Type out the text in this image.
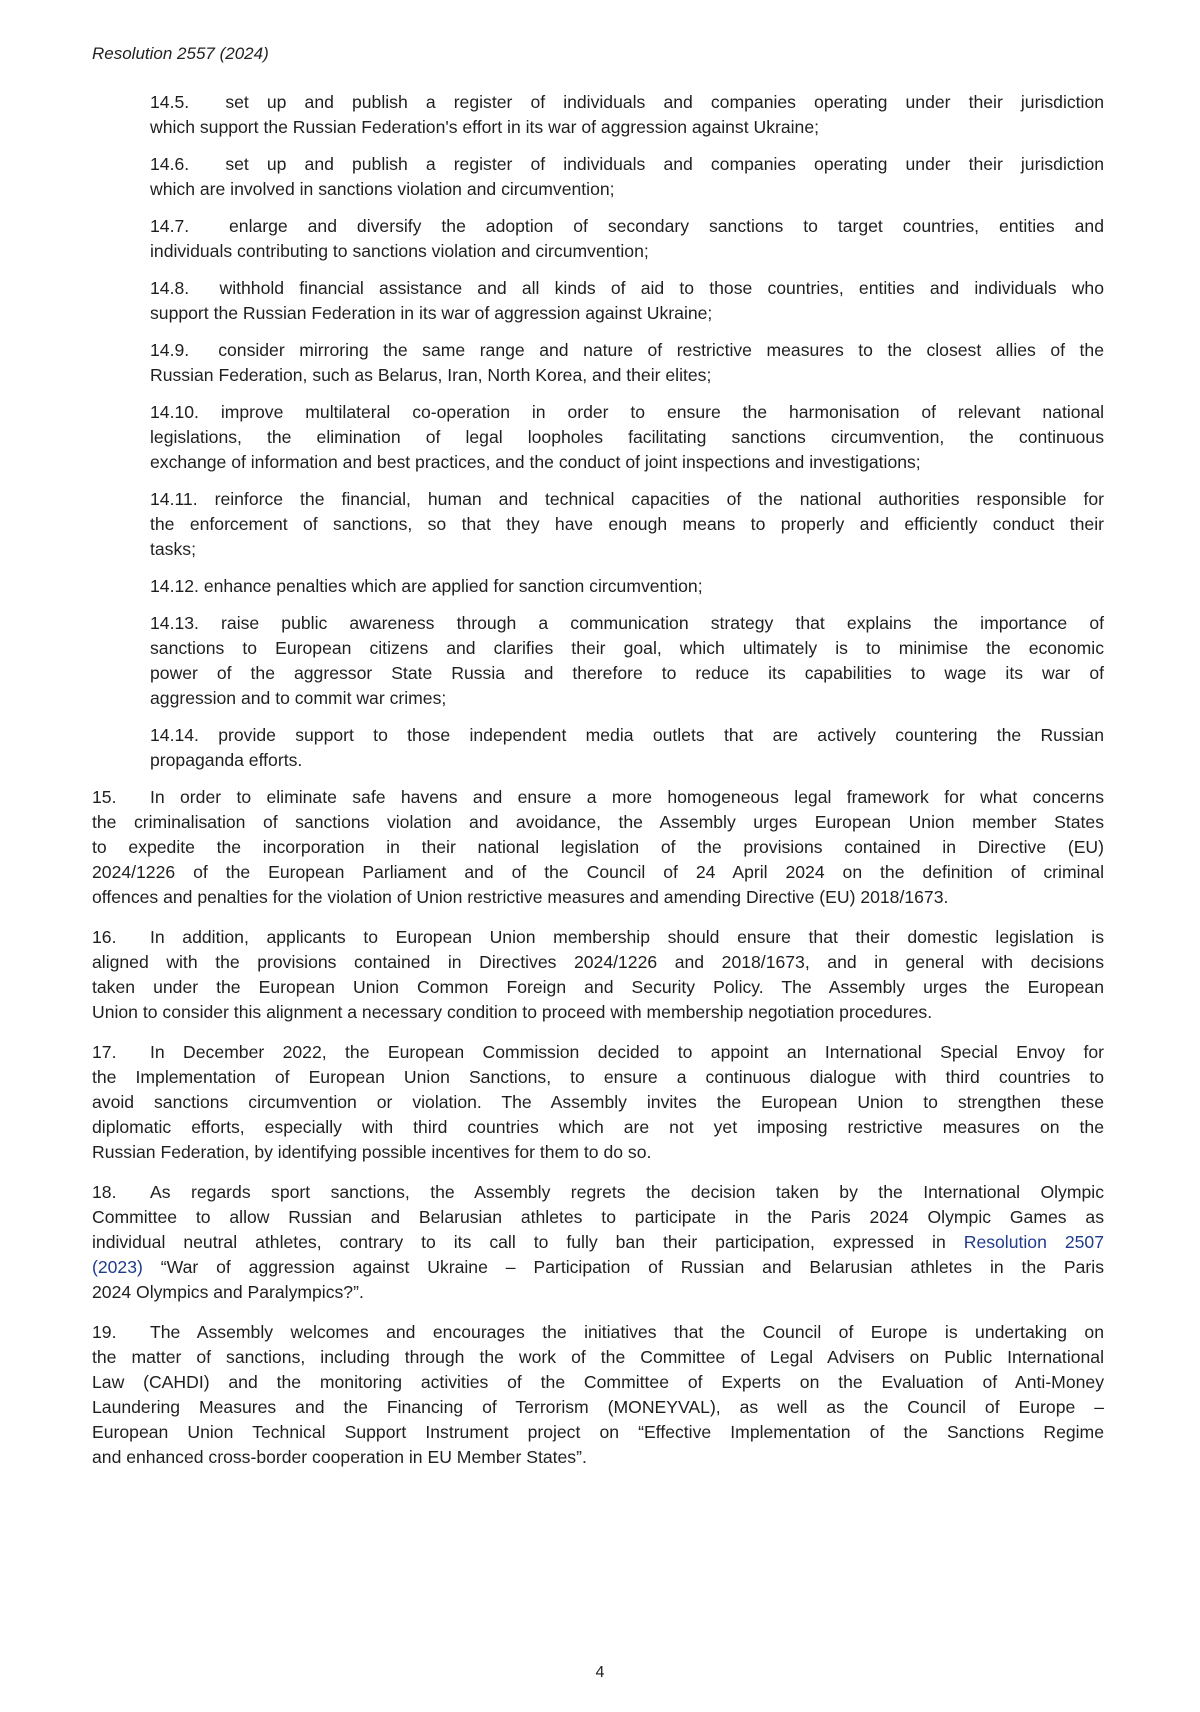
Resolution 2557 (2024)
14.5. set up and publish a register of individuals and companies operating under their jurisdiction
which support the Russian Federation's effort in its war of aggression against Ukraine;
14.6. set up and publish a register of individuals and companies operating under their jurisdiction
which are involved in sanctions violation and circumvention;
14.7. enlarge and diversify the adoption of secondary sanctions to target countries, entities and
individuals contributing to sanctions violation and circumvention;
14.8. withhold financial assistance and all kinds of aid to those countries, entities and individuals who
support the Russian Federation in its war of aggression against Ukraine;
14.9. consider mirroring the same range and nature of restrictive measures to the closest allies of the
Russian Federation, such as Belarus, Iran, North Korea, and their elites;
14.10. improve multilateral co-operation in order to ensure the harmonisation of relevant national
legislations, the elimination of legal loopholes facilitating sanctions circumvention, the continuous
exchange of information and best practices, and the conduct of joint inspections and investigations;
14.11. reinforce the financial, human and technical capacities of the national authorities responsible for
the enforcement of sanctions, so that they have enough means to properly and efficiently conduct their
tasks;
14.12. enhance penalties which are applied for sanction circumvention;
14.13. raise public awareness through a communication strategy that explains the importance of
sanctions to European citizens and clarifies their goal, which ultimately is to minimise the economic
power of the aggressor State Russia and therefore to reduce its capabilities to wage its war of
aggression and to commit war crimes;
14.14. provide support to those independent media outlets that are actively countering the Russian
propaganda efforts.
15. In order to eliminate safe havens and ensure a more homogeneous legal framework for what concerns
the criminalisation of sanctions violation and avoidance, the Assembly urges European Union member States
to expedite the incorporation in their national legislation of the provisions contained in Directive (EU)
2024/1226 of the European Parliament and of the Council of 24 April 2024 on the definition of criminal
offences and penalties for the violation of Union restrictive measures and amending Directive (EU) 2018/1673.
16. In addition, applicants to European Union membership should ensure that their domestic legislation is
aligned with the provisions contained in Directives 2024/1226 and 2018/1673, and in general with decisions
taken under the European Union Common Foreign and Security Policy. The Assembly urges the European
Union to consider this alignment a necessary condition to proceed with membership negotiation procedures.
17. In December 2022, the European Commission decided to appoint an International Special Envoy for
the Implementation of European Union Sanctions, to ensure a continuous dialogue with third countries to
avoid sanctions circumvention or violation. The Assembly invites the European Union to strengthen these
diplomatic efforts, especially with third countries which are not yet imposing restrictive measures on the
Russian Federation, by identifying possible incentives for them to do so.
18. As regards sport sanctions, the Assembly regrets the decision taken by the International Olympic
Committee to allow Russian and Belarusian athletes to participate in the Paris 2024 Olympic Games as
individual neutral athletes, contrary to its call to fully ban their participation, expressed in Resolution 2507
(2023) “War of aggression against Ukraine – Participation of Russian and Belarusian athletes in the Paris
2024 Olympics and Paralympics?”.
19. The Assembly welcomes and encourages the initiatives that the Council of Europe is undertaking on
the matter of sanctions, including through the work of the Committee of Legal Advisers on Public International
Law (CAHDI) and the monitoring activities of the Committee of Experts on the Evaluation of Anti-Money
Laundering Measures and the Financing of Terrorism (MONEYVAL), as well as the Council of Europe –
European Union Technical Support Instrument project on “Effective Implementation of the Sanctions Regime
and enhanced cross-border cooperation in EU Member States”.
4
